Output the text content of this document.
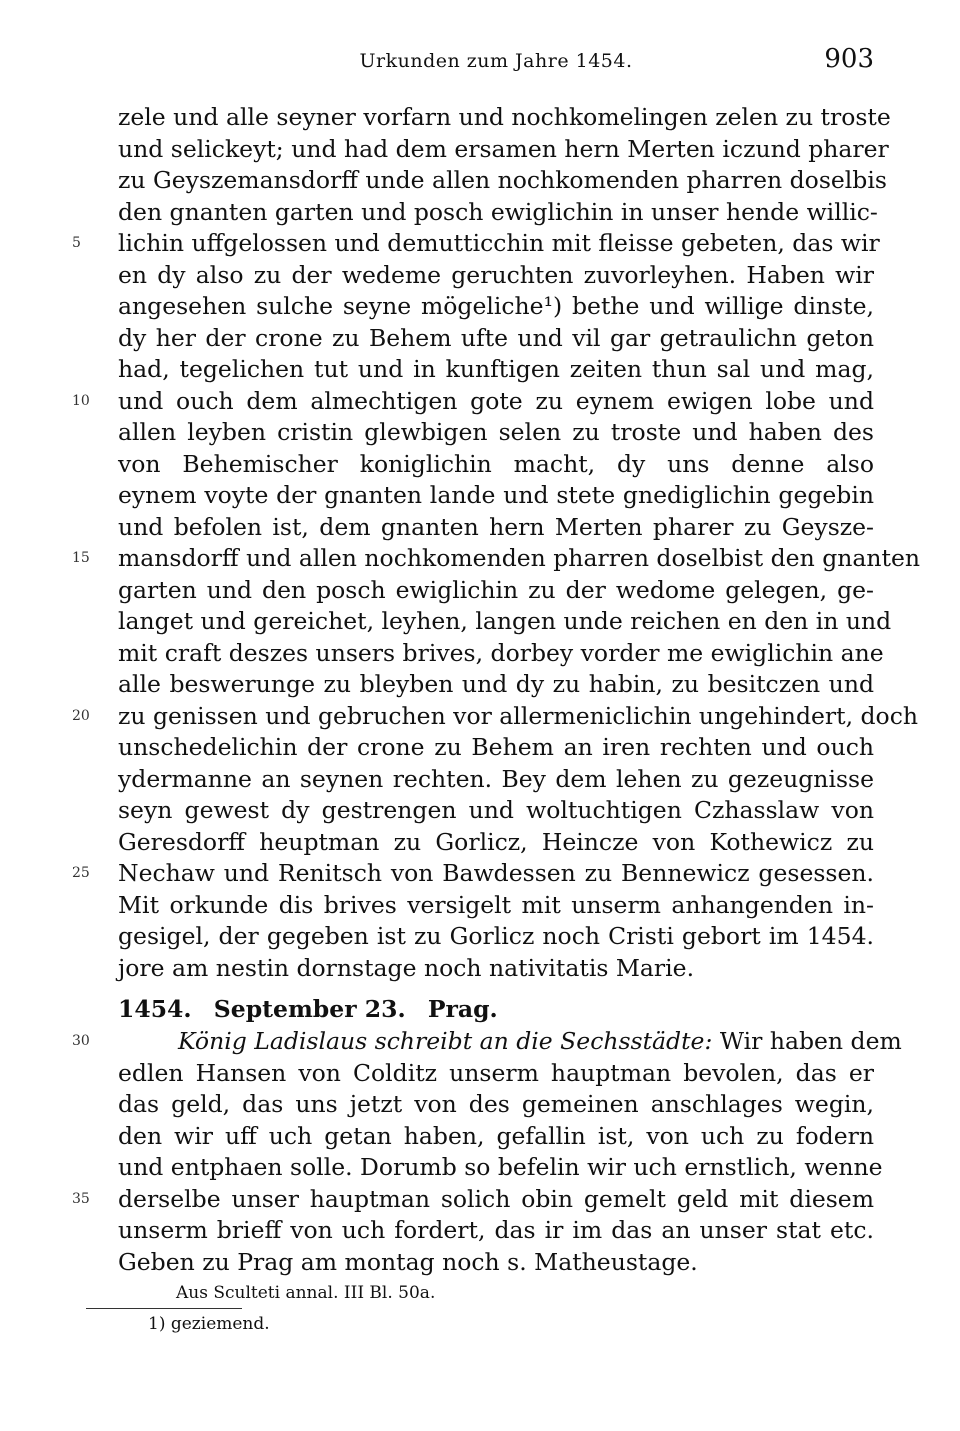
Urkunden zum Jahre 1454.	903
zele und alle seyner vorfarn und nochkomelingen zelen zu troste
und selickeyt; und had dem ersamen hern Merten iczund pharer
zu Geyszemansdorff unde allen nochkomenden pharren doselbis
den gnanten garten und posch ewiglichin in unser hende willic-
5	lichin uffgelossen und demutticchin mit fleisse gebeten, das wir
en dy also zu der wedeme geruchten zuvorleyhen. Haben wir
angesehen sulche seyne mögeliche¹) bethe und willige dinste,
dy her der crone zu Behem ufte und vil gar getraulichn geton
had, tegelichen tut und in kunftigen zeiten thun sal und mag,
10	und ouch dem almechtigen gote zu eynem ewigen lobe und
allen leyben cristin glewbigen selen zu troste und haben des
von Behemischer koniglichin macht, dy uns denne also
eynem voyte der gnanten lande und stete gnediglichin gegebin
und befolen ist, dem gnanten hern Merten pharer zu Geysze-
15	mansdorff und allen nochkomenden pharren doselbist den gnanten
garten und den posch ewiglichin zu der wedome gelegen, ge-
langet und gereichet, leyhen, langen unde reichen en den in und
mit craft deszes unsers brives, dorbey vorder me ewiglichin ane
alle beswerunge zu bleyben und dy zu habin, zu besitczen und
20	zu genissen und gebruchen vor allermeniclichin ungehindert, doch
unschedelichin der crone zu Behem an iren rechten und ouch
ydermanne an seynen rechten. Bey dem lehen zu gezeugnisse
seyn gewest dy gestrengen und woltuchtigen Czhasslaw von
Geresdorff heuptman zu Gorlicz, Heincze von Kothewicz zu
25	Nechaw und Renitsch von Bawdessen zu Bennewicz gesessen.
Mit orkunde dis brives versigelt mit unserm anhangenden in-
gesigel, der gegeben ist zu Gorlicz noch Cristi gebort im 1454.
jore am nestin dornstage noch nativitatis Marie.
1454. September 23. Prag.
30	König Ladislaus schreibt an die Sechsstädte: Wir haben dem
edlen Hansen von Colditz unserm hauptman bevolen, das er
das geld, das uns jetzt von des gemeinen anschlages wegin,
den wir uff uch getan haben, gefallin ist, von uch zu fodern
und entphaen solle. Dorumb so befelin wir uch ernstlich, wenne
35	derselbe unser hauptman solich obin gemelt geld mit diesem
unserm brieff von uch fordert, das ir im das an unser stat etc.
Geben zu Prag am montag noch s. Matheustage.
Aus Sculteti annal. III Bl. 50a.
1) geziemend.
